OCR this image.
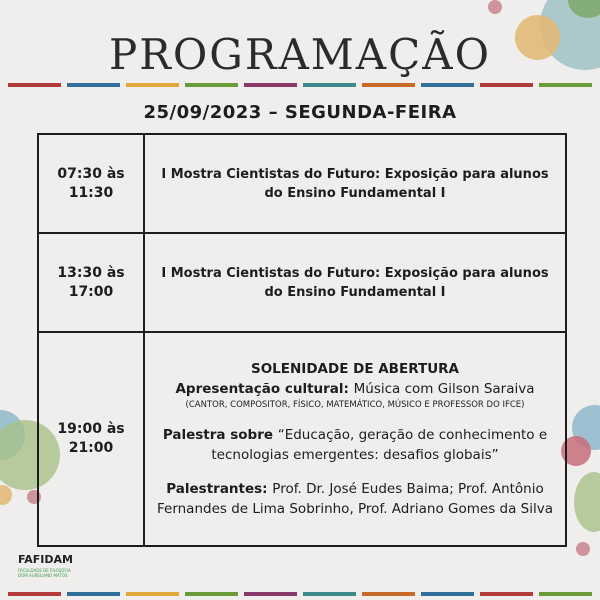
PROGRAMAÇÃO
25/09/2023 – SEGUNDA-FEIRA
07:30 às
11:30	I Mostra Cientistas do Futuro: Exposição para alunos
do Ensino Fundamental I
13:30 às
17:00	I Mostra Cientistas do Futuro: Exposição para alunos
do Ensino Fundamental I
19:00 às
21:00	SOLENIDADE DE ABERTURA
Apresentação cultural: Música com Gilson Saraiva
(CANTOR, COMPOSITOR, FÍSICO, MATEMÁTICO, MÚSICO E PROFESSOR DO IFCE)
Palestra sobre “Educação, geração de conhecimento e tecnologias emergentes: desafios globais”
Palestrantes: Prof. Dr. José Eudes Baima; Prof. Antônio Fernandes de Lima Sobrinho, Prof. Adriano Gomes da Silva
FAFIDAM
FACULDADE DE FILOSOFIA DOM AURELIANO MATOS
